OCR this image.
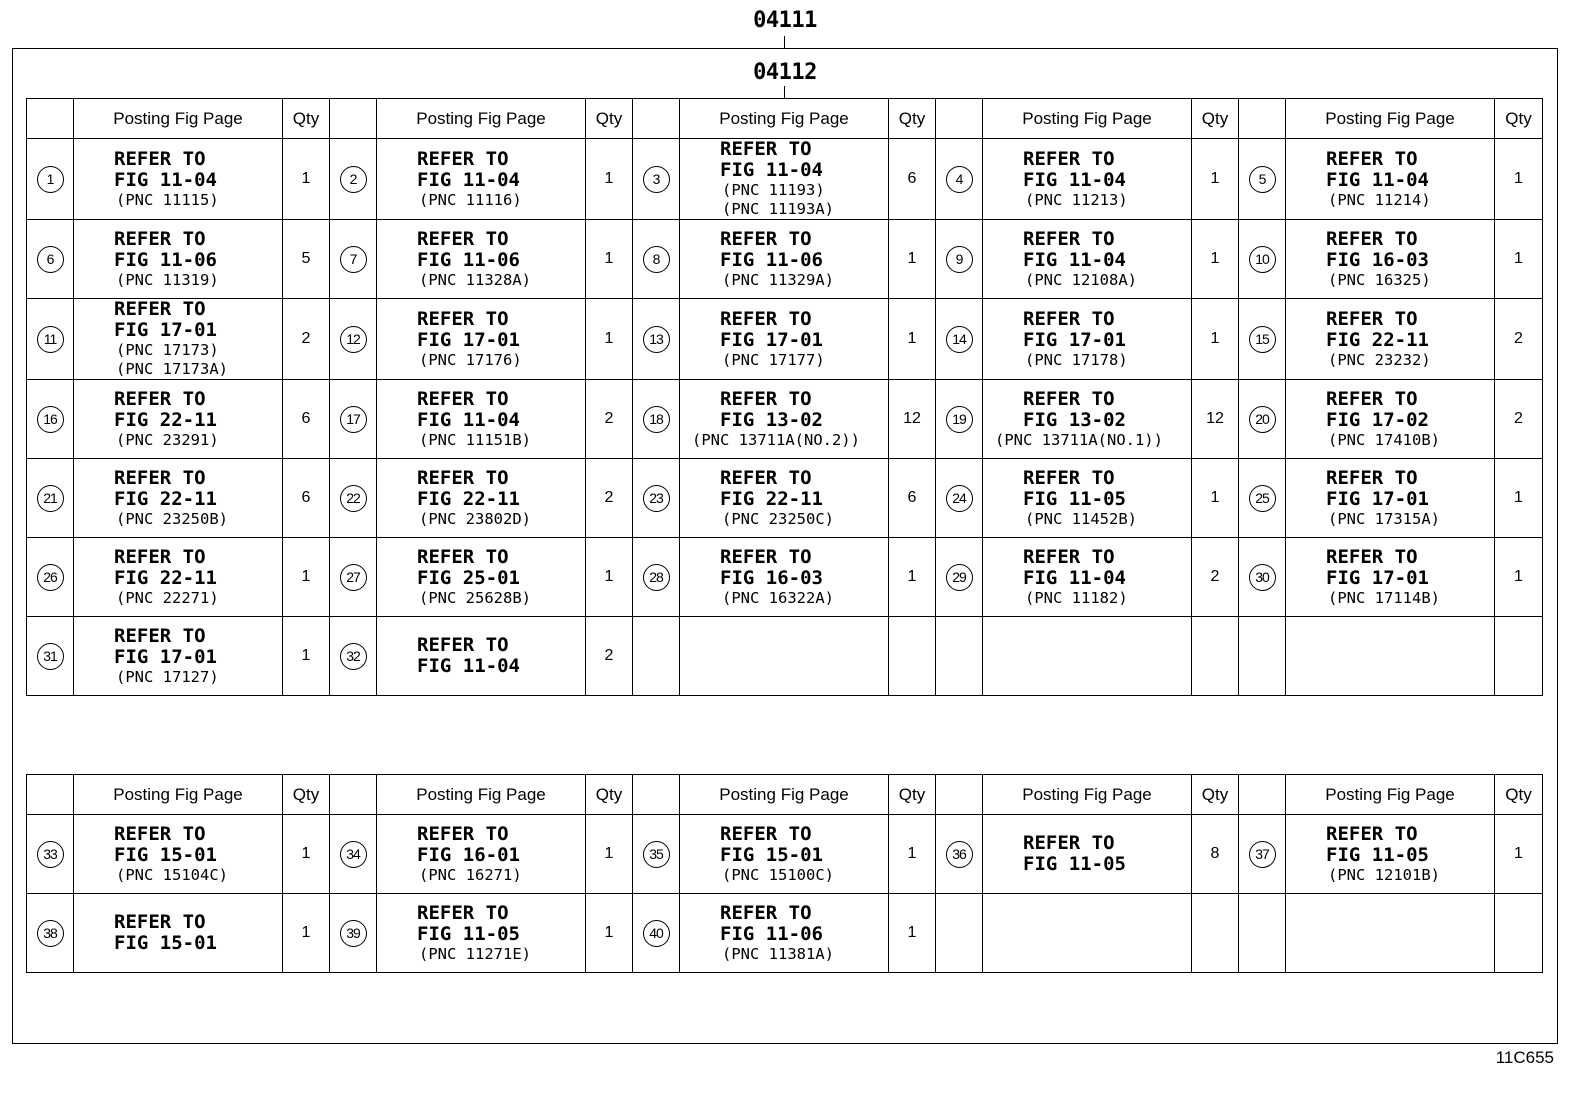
04111
04112
	Posting Fig Page	Qty		Posting Fig Page	Qty		Posting Fig Page	Qty		Posting Fig Page	Qty		Posting Fig Page	Qty
1	REFER TO
FIG 11-04
(PNC 11115)	1	2	REFER TO
FIG 11-04
(PNC 11116)	1	3	REFER TO
FIG 11-04
(PNC 11193)
(PNC 11193A)	6	4	REFER TO
FIG 11-04
(PNC 11213)	1	5	REFER TO
FIG 11-04
(PNC 11214)	1
6	REFER TO
FIG 11-06
(PNC 11319)	5	7	REFER TO
FIG 11-06
(PNC 11328A)	1	8	REFER TO
FIG 11-06
(PNC 11329A)	1	9	REFER TO
FIG 11-04
(PNC 12108A)	1	10	REFER TO
FIG 16-03
(PNC 16325)	1
11	REFER TO
FIG 17-01
(PNC 17173)
(PNC 17173A)	2	12	REFER TO
FIG 17-01
(PNC 17176)	1	13	REFER TO
FIG 17-01
(PNC 17177)	1	14	REFER TO
FIG 17-01
(PNC 17178)	1	15	REFER TO
FIG 22-11
(PNC 23232)	2
16	REFER TO
FIG 22-11
(PNC 23291)	6	17	REFER TO
FIG 11-04
(PNC 11151B)	2	18	REFER TO
FIG 13-02
(PNC 13711A(NO.2))	12	19	REFER TO
FIG 13-02
(PNC 13711A(NO.1))	12	20	REFER TO
FIG 17-02
(PNC 17410B)	2
21	REFER TO
FIG 22-11
(PNC 23250B)	6	22	REFER TO
FIG 22-11
(PNC 23802D)	2	23	REFER TO
FIG 22-11
(PNC 23250C)	6	24	REFER TO
FIG 11-05
(PNC 11452B)	1	25	REFER TO
FIG 17-01
(PNC 17315A)	1
26	REFER TO
FIG 22-11
(PNC 22271)	1	27	REFER TO
FIG 25-01
(PNC 25628B)	1	28	REFER TO
FIG 16-03
(PNC 16322A)	1	29	REFER TO
FIG 11-04
(PNC 11182)	2	30	REFER TO
FIG 17-01
(PNC 17114B)	1
31	REFER TO
FIG 17-01
(PNC 17127)	1	32	REFER TO
FIG 11-04	2									
	Posting Fig Page	Qty		Posting Fig Page	Qty		Posting Fig Page	Qty		Posting Fig Page	Qty		Posting Fig Page	Qty
33	REFER TO
FIG 15-01
(PNC 15104C)	1	34	REFER TO
FIG 16-01
(PNC 16271)	1	35	REFER TO
FIG 15-01
(PNC 15100C)	1	36	REFER TO
FIG 11-05	8	37	REFER TO
FIG 11-05
(PNC 12101B)	1
38	REFER TO
FIG 15-01	1	39	REFER TO
FIG 11-05
(PNC 11271E)	1	40	REFER TO
FIG 11-06
(PNC 11381A)	1						
11C655
